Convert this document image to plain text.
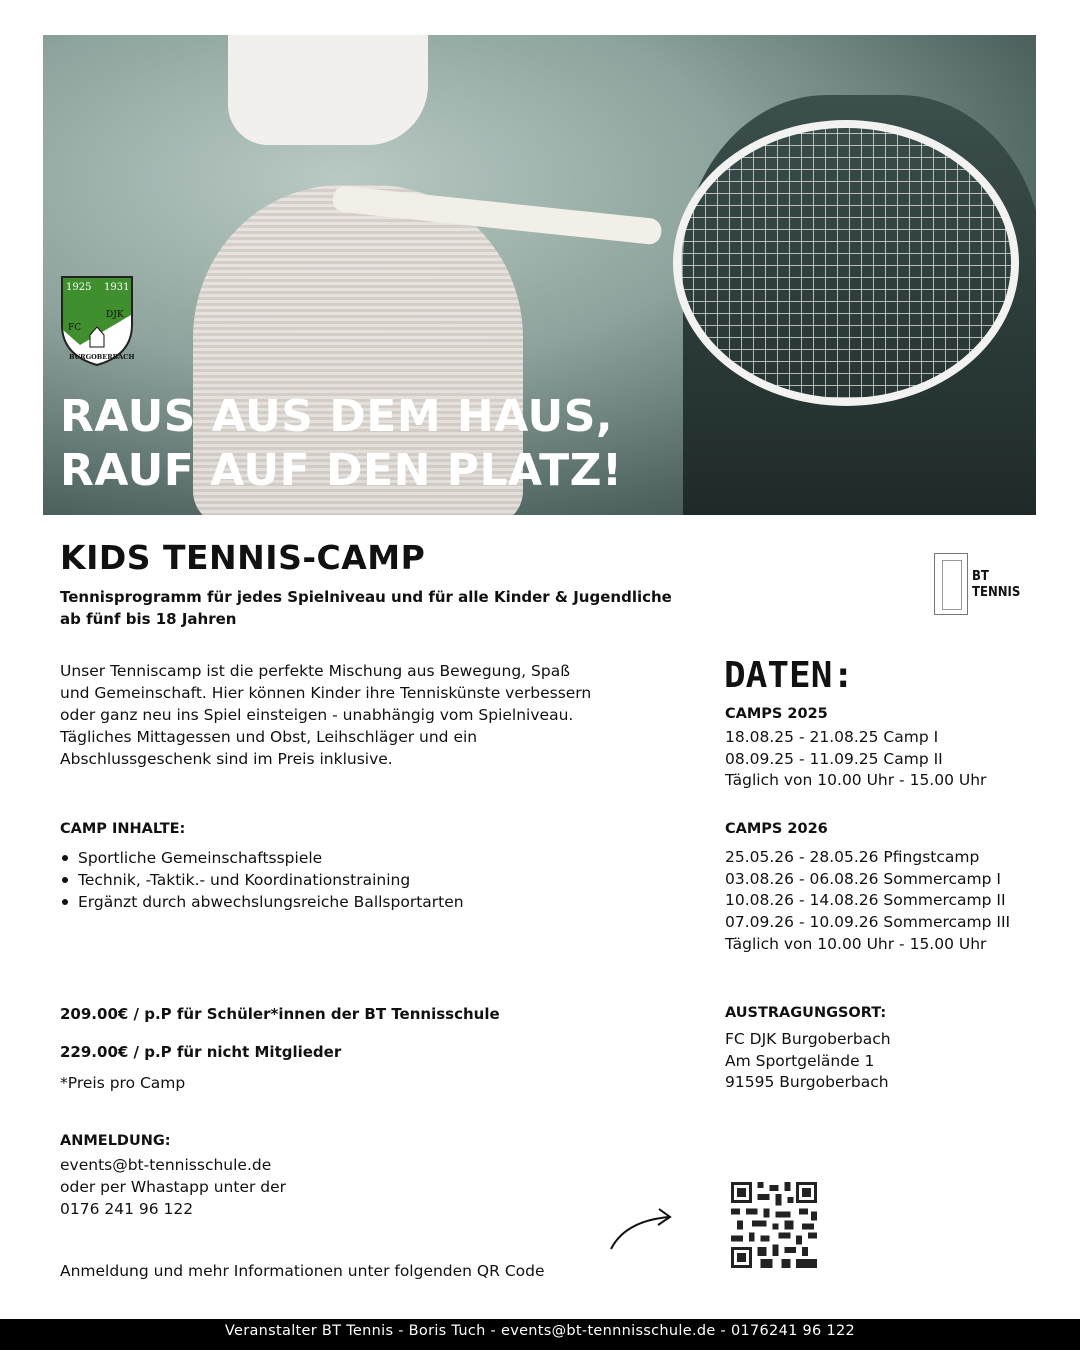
1925 1931
FC
DJK
BURGOBERBACH
RAUS AUS DEM HAUS,
RAUF AUF DEN PLATZ!
KIDS TENNIS-CAMP
Tennisprogramm für jedes Spielniveau und für alle Kinder & Jugendliche
ab fünf bis 18 Jahren
BT
TENNIS
Unser Tenniscamp ist die perfekte Mischung aus Bewegung, Spaß
und Gemeinschaft. Hier können Kinder ihre Tenniskünste verbessern
oder ganz neu ins Spiel einsteigen - unabhängig vom Spielniveau.
Tägliches Mittagessen und Obst, Leihschläger und ein
Abschlussgeschenk sind im Preis inklusive.
CAMP INHALTE:
Sportliche Gemeinschaftsspiele
Technik, -Taktik.- und Koordinationstraining
Ergänzt durch abwechslungsreiche Ballsportarten
209.00€ / p.P für Schüler*innen der BT Tennisschule
229.00€ / p.P für nicht Mitglieder
*Preis pro Camp
ANMELDUNG:
events@bt-tennisschule.de
oder per Whastapp unter der
0176 241 96 122
Anmeldung und mehr Informationen unter folgenden QR Code
DATEN:
CAMPS 2025
18.08.25 - 21.08.25 Camp I
08.09.25 - 11.09.25 Camp II
Täglich von 10.00 Uhr - 15.00 Uhr
CAMPS 2026
25.05.26 - 28.05.26 Pfingstcamp
03.08.26 - 06.08.26 Sommercamp I
10.08.26 - 14.08.26 Sommercamp II
07.09.26 - 10.09.26 Sommercamp III
Täglich von 10.00 Uhr - 15.00 Uhr
AUSTRAGUNGSORT:
FC DJK Burgoberbach
Am Sportgelände 1
91595 Burgoberbach
Veranstalter BT Tennis - Boris Tuch - events@bt-tennnisschule.de - 0176241 96 122
